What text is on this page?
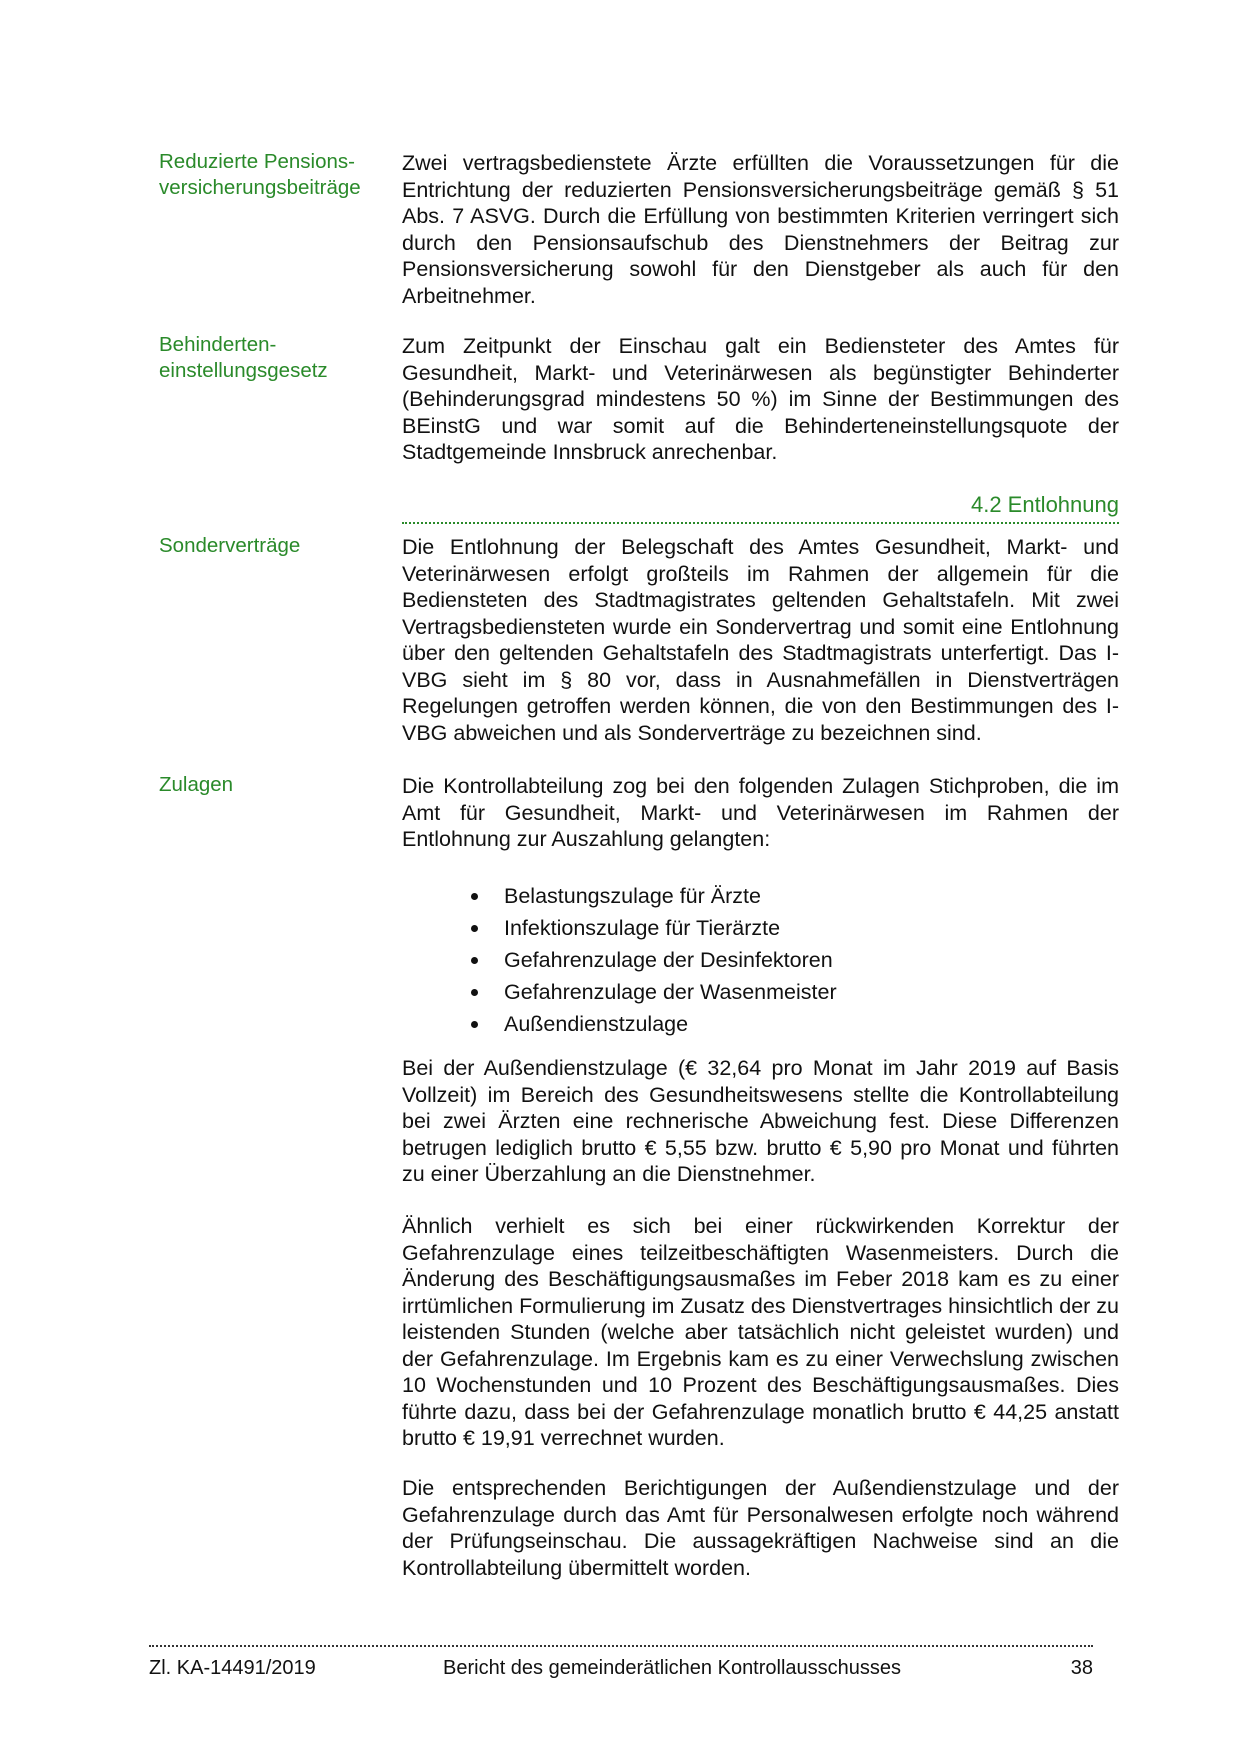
Reduzierte Pensions-
versicherungsbeiträge

Zwei vertragsbedienstete Ärzte erfüllten die Voraussetzungen für die Entrichtung der reduzierten Pensionsversicherungsbeiträge gemäß § 51 Abs. 7 ASVG. Durch die Erfüllung von bestimmten Kriterien verringert sich durch den Pensionsaufschub des Dienstnehmers der Beitrag zur Pensionsversicherung sowohl für den Dienstgeber als auch für den Arbeitnehmer.

Behinderten-
einstellungsgesetz

Zum Zeitpunkt der Einschau galt ein Bediensteter des Amtes für Gesundheit, Markt- und Veterinärwesen als begünstigter Behinderter (Behinderungsgrad mindestens 50 %) im Sinne der Bestimmungen des BEinstG und war somit auf die Behinderteneinstellungsquote der Stadtgemeinde Innsbruck anrechenbar.

4.2 Entlohnung
Sonderverträge	Die Entlohnung der Belegschaft des Amtes Gesundheit, Markt- und Veterinärwesen erfolgt großteils im Rahmen der allgemein für die Bediensteten des Stadtmagistrates geltenden Gehaltstafeln. Mit zwei Vertragsbediensteten wurde ein Sondervertrag und somit eine Entlohnung über den geltenden Gehaltstafeln des Stadtmagistrats unterfertigt. Das I-VBG sieht im § 80 vor, dass in Ausnahmefällen in Dienstverträgen Regelungen getroffen werden können, die von den Bestimmungen des I-VBG abweichen und als Sonderverträge zu bezeichnen sind.

Zulagen	Die Kontrollabteilung zog bei den folgenden Zulagen Stichproben, die im Amt für Gesundheit, Markt- und Veterinärwesen im Rahmen der Entlohnung zur Auszahlung gelangten:

Belastungszulage für Ärzte
Infektionszulage für Tierärzte
Gefahrenzulage der Desinfektoren
Gefahrenzulage der Wasenmeister
Außendienstzulage

Bei der Außendienstzulage (€ 32,64 pro Monat im Jahr 2019 auf Basis Vollzeit) im Bereich des Gesundheitswesens stellte die Kontrollabteilung bei zwei Ärzten eine rechnerische Abweichung fest. Diese Differenzen betrugen lediglich brutto € 5,55 bzw. brutto € 5,90 pro Monat und führten zu einer Überzahlung an die Dienstnehmer.

Ähnlich verhielt es sich bei einer rückwirkenden Korrektur der Gefahrenzulage eines teilzeitbeschäftigten Wasenmeisters. Durch die Änderung des Beschäftigungsausmaßes im Feber 2018 kam es zu einer irrtümlichen Formulierung im Zusatz des Dienstvertrages hinsichtlich der zu leistenden Stunden (welche aber tatsächlich nicht geleistet wurden) und der Gefahrenzulage. Im Ergebnis kam es zu einer Verwechslung zwischen 10 Wochenstunden und 10 Prozent des Beschäftigungsausmaßes. Dies führte dazu, dass bei der Gefahrenzulage monatlich brutto € 44,25 anstatt brutto € 19,91 verrechnet wurden.

Die entsprechenden Berichtigungen der Außendienstzulage und der Gefahrenzulage durch das Amt für Personalwesen erfolgte noch während der Prüfungseinschau. Die aussagekräftigen Nachweise sind an die Kontrollabteilung übermittelt worden.

Zl. KA-14491/2019	Bericht des gemeinderätlichen Kontrollausschusses	38
